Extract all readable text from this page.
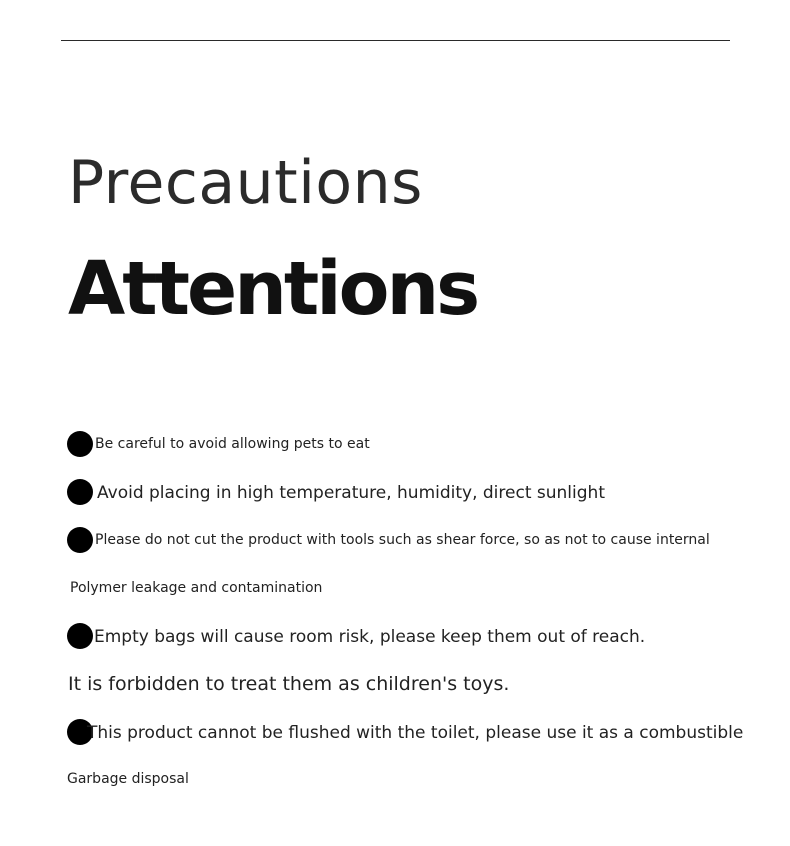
Precautions
Attentions
Be careful to avoid allowing pets to eat
Avoid placing in high temperature, humidity, direct sunlight
Please do not cut the product with tools such as shear force, so as not to cause internal
Polymer leakage and contamination
Empty bags will cause room risk, please keep them out of reach.
It is forbidden to treat them as children's toys.
This product cannot be flushed with the toilet, please use it as a combustible
Garbage disposal
